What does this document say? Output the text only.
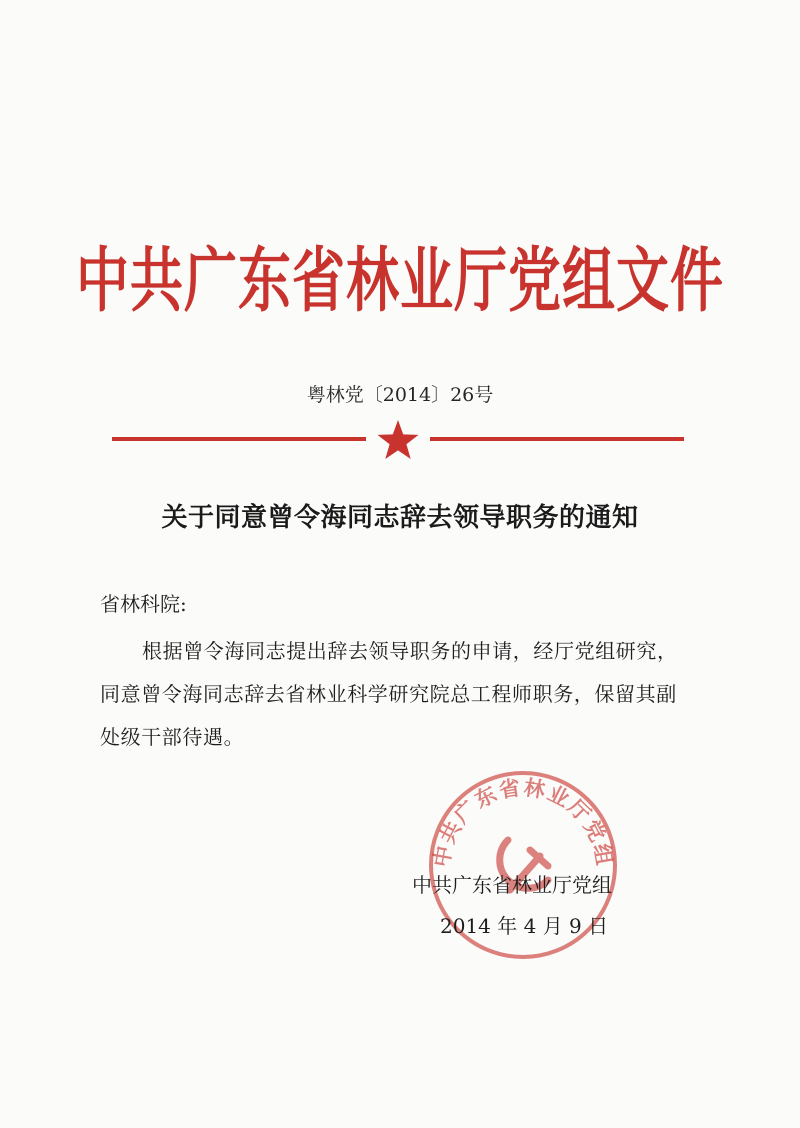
中共广东省林业厅党组文件
粤林党〔2014〕26号
关于同意曾令海同志辞去领导职务的通知
省林科院:

根据曾令海同志提出辞去领导职务的申请，经厅党组研究，

同意曾令海同志辞去省林业科学研究院总工程师职务，保留其副

处级干部待遇。

中共广东省林业厅党组
中共广东省林业厅党组
2014 年 4 月 9 日
